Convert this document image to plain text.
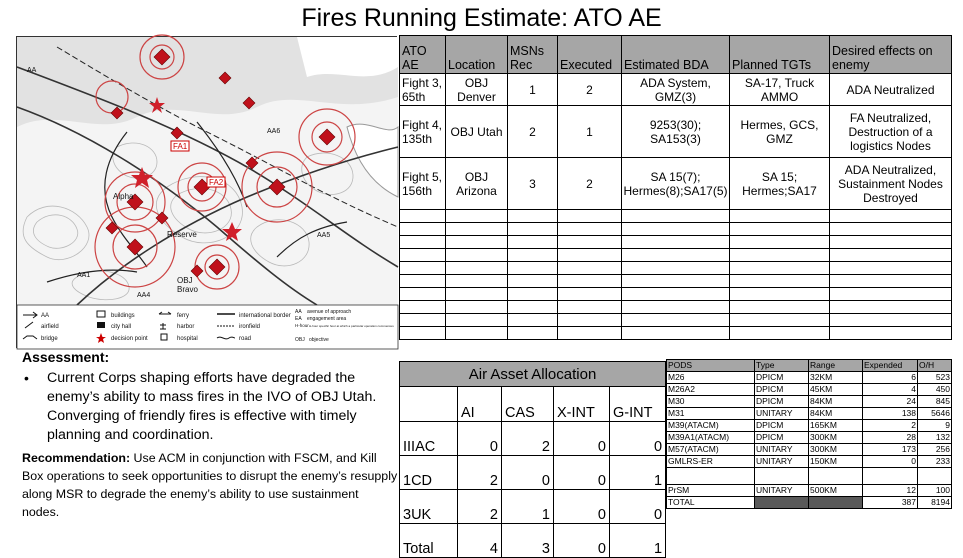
Fires Running Estimate: ATO AE
FA1
FA2
Alpha
Reserve
OBJ
Bravo
AA
AA1
AA4
AA5
AA6
AA
airfield
bridge
buildings
city hall
decision point
ferry
harbor
hospital
international border
ironfield
road
AA avenue of approach
EA engagement area
H-hour H-hour specific hour at which a particular operation commences
OBJ objective
Assessment:
• Current Corps shaping efforts have degraded the enemy’s ability to mass fires in the IVO of OBJ Utah. Converging of friendly fires is effective with timely planning and coordination.
Recommendation: Use ACM in conjunction with FSCM, and Kill Box operations to seek opportunities to disrupt the enemy’s resupply along MSR to degrade the enemy’s ability to use sustainment nodes.
ATO AE	Location	MSNs Rec	Executed	Estimated BDA	Planned TGTs	Desired effects on enemy
Fight 3, 65th	OBJ Denver	1	2	ADA System, GMZ(3)	SA-17, Truck AMMO	ADA Neutralized
Fight 4, 135th	OBJ Utah	2	1	9253(30); SA153(3)	Hermes, GCS, GMZ	FA Neutralized, Destruction of a logistics Nodes
Fight 5, 156th	OBJ Arizona	3	2	SA 15(7); Hermes(8);SA17(5)	SA 15; Hermes;SA17	ADA Neutralized, Sustainment Nodes Destroyed

Air Asset Allocation				
	AI	CAS	X-INT	G-INT
IIIAC	0	2	0	0
1CD	2	0	0	1
3UK	2	1	0	0
Total	4	3	0	1
PODS	Type	Range	Expended	O/H
M26	DPICM	32KM	6	523
M26A2	DPICM	45KM	4	450
M30	DPICM	84KM	24	845
M31	UNITARY	84KM	138	5646
M39(ATACM)	DPICM	165KM	2	9
M39A1(ATACM)	DPICM	300KM	28	132
M57(ATACM)	UNITARY	300KM	173	256
GMLRS-ER	UNITARY	150KM	0	233

PrSM	UNITARY	500KM	12	100
TOTAL			387	8194
